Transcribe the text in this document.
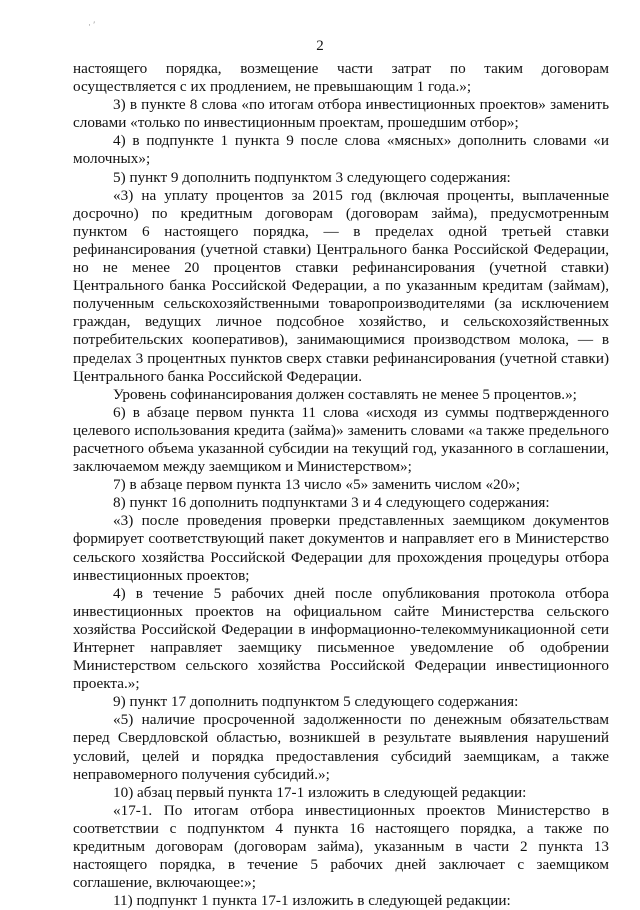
· ′
2

настоящего порядка, возмещение части затрат по таким договорам осуществляется с их продлением, не превышающим 1 года.»;

3) в пункте 8 слова «по итогам отбора инвестиционных проектов» заменить словами «только по инвестиционным проектам, прошедшим отбор»;

4) в подпункте 1 пункта 9 после слова «мясных» дополнить словами «и молочных»;

5) пункт 9 дополнить подпунктом 3 следующего содержания:

«3) на уплату процентов за 2015 год (включая проценты, выплаченные досрочно) по кредитным договорам (договорам займа), предусмотренным пунктом 6 настоящего порядка, — в пределах одной третьей ставки рефинансирования (учетной ставки) Центрального банка Российской Федерации, но не менее 20 процентов ставки рефинансирования (учетной ставки) Центрального банка Российской Федерации, а по указанным кредитам (займам), полученным сельскохозяйственными товаропроизводителями (за исключением граждан, ведущих личное подсобное хозяйство, и сельскохозяйственных потребительских кооперативов), занимающимися производством молока, — в пределах 3 процентных пунктов сверх ставки рефинансирования (учетной ставки) Центрального банка Российской Федерации.

Уровень софинансирования должен составлять не менее 5 процентов.»;

6) в абзаце первом пункта 11 слова «исходя из суммы подтвержденного целевого использования кредита (займа)» заменить словами «а также предельного расчетного объема указанной субсидии на текущий год, указанного в соглашении, заключаемом между заемщиком и Министерством»;

7) в абзаце первом пункта 13 число «5» заменить числом «20»;

8) пункт 16 дополнить подпунктами 3 и 4 следующего содержания:

«3) после проведения проверки представленных заемщиком документов формирует соответствующий пакет документов и направляет его в Министерство сельского хозяйства Российской Федерации для прохождения процедуры отбора инвестиционных проектов;

4) в течение 5 рабочих дней после опубликования протокола отбора инвестиционных проектов на официальном сайте Министерства сельского хозяйства Российской Федерации в информационно-телекоммуникационной сети Интернет направляет заемщику письменное уведомление об одобрении Министерством сельского хозяйства Российской Федерации инвестиционного проекта.»;

9) пункт 17 дополнить подпунктом 5 следующего содержания:

«5) наличие просроченной задолженности по денежным обязательствам перед Свердловской областью, возникшей в результате выявления нарушений условий, целей и порядка предоставления субсидий заемщикам, а также неправомерного получения субсидий.»;

10) абзац первый пункта 17-1 изложить в следующей редакции:

«17-1. По итогам отбора инвестиционных проектов Министерство в соответствии с подпунктом 4 пункта 16 настоящего порядка, а также по кредитным договорам (договорам займа), указанным в части 2 пункта 13 настоящего порядка, в течение 5 рабочих дней заключает с заемщиком соглашение, включающее:»;

11) подпункт 1 пункта 17-1 изложить в следующей редакции:
